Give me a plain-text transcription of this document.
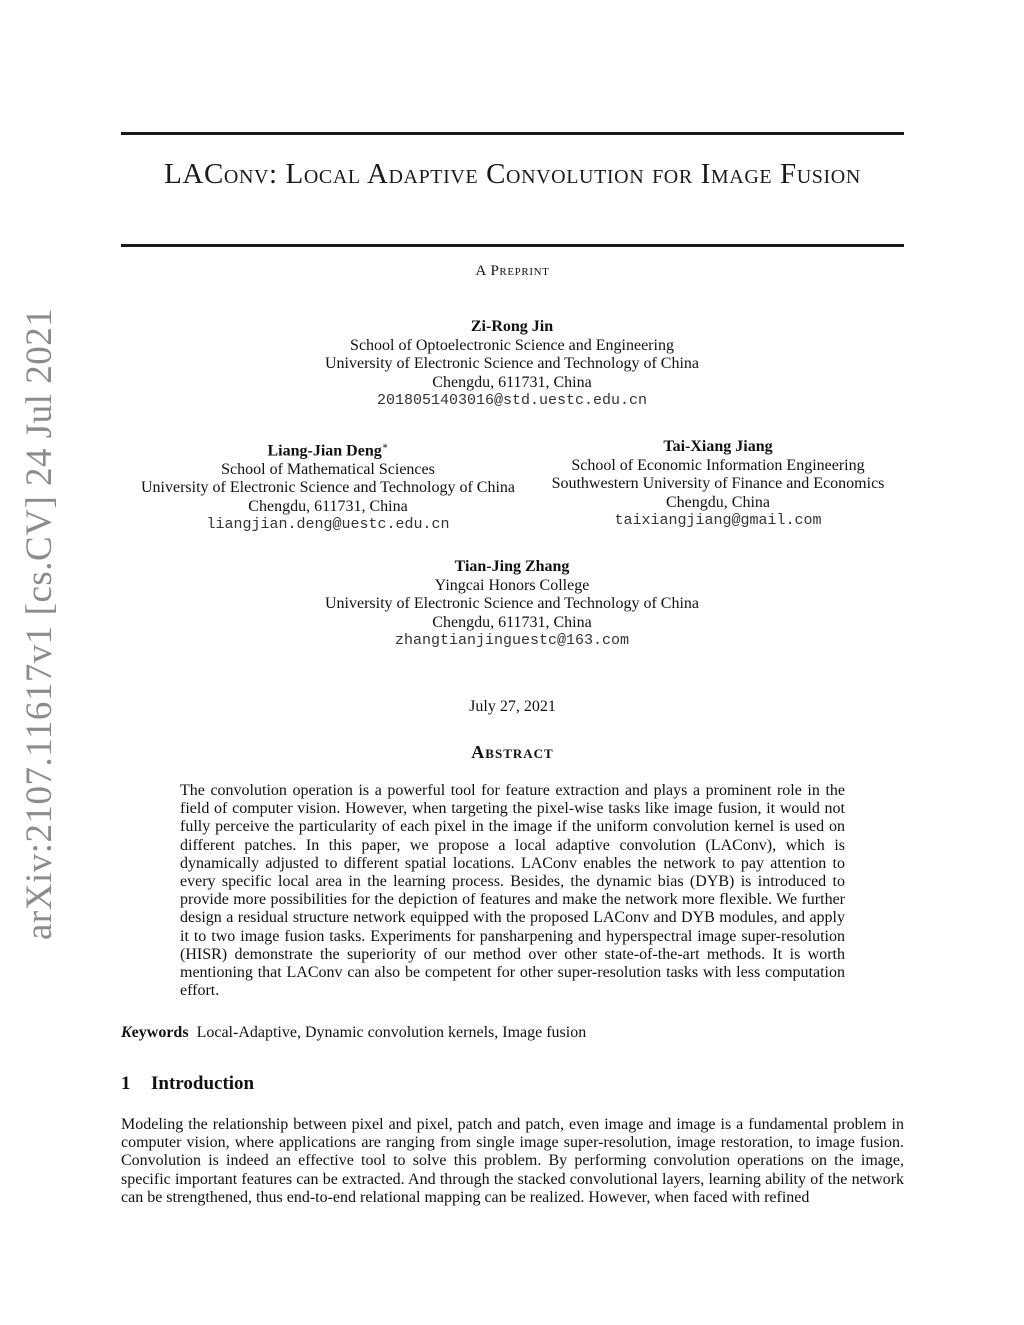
arXiv:2107.11617v1 [cs.CV] 24 Jul 2021
LAConv: Local Adaptive Convolution for Image Fusion
A Preprint
Zi-Rong Jin
School of Optoelectronic Science and Engineering
University of Electronic Science and Technology of China
Chengdu, 611731, China
2018051403016@std.uestc.edu.cn
Liang-Jian Deng∗
School of Mathematical Sciences
University of Electronic Science and Technology of China
Chengdu, 611731, China
liangjian.deng@uestc.edu.cn
Tai-Xiang Jiang
School of Economic Information Engineering
Southwestern University of Finance and Economics
Chengdu, China
taixiangjiang@gmail.com
Tian-Jing Zhang
Yingcai Honors College
University of Electronic Science and Technology of China
Chengdu, 611731, China
zhangtianjinguestc@163.com
July 27, 2021
Abstract
The convolution operation is a powerful tool for feature extraction and plays a prominent role in the field of computer vision. However, when targeting the pixel-wise tasks like image fusion, it would not fully perceive the particularity of each pixel in the image if the uniform convolution kernel is used on different patches. In this paper, we propose a local adaptive convolution (LAConv), which is dynamically adjusted to different spatial locations. LAConv enables the network to pay attention to every specific local area in the learning process. Besides, the dynamic bias (DYB) is introduced to provide more possibilities for the depiction of features and make the network more flexible. We further design a residual structure network equipped with the proposed LAConv and DYB modules, and apply it to two image fusion tasks. Experiments for pansharpening and hyperspectral image super-resolution (HISR) demonstrate the superiority of our method over other state-of-the-art methods. It is worth mentioning that LAConv can also be competent for other super-resolution tasks with less computation effort.
Keywords Local-Adaptive, Dynamic convolution kernels, Image fusion
1 Introduction
Modeling the relationship between pixel and pixel, patch and patch, even image and image is a fundamental problem in computer vision, where applications are ranging from single image super-resolution, image restoration, to image fusion. Convolution is indeed an effective tool to solve this problem. By performing convolution operations on the image, specific important features can be extracted. And through the stacked convolutional layers, learning ability of the network can be strengthened, thus end-to-end relational mapping can be realized. However, when faced with refined
